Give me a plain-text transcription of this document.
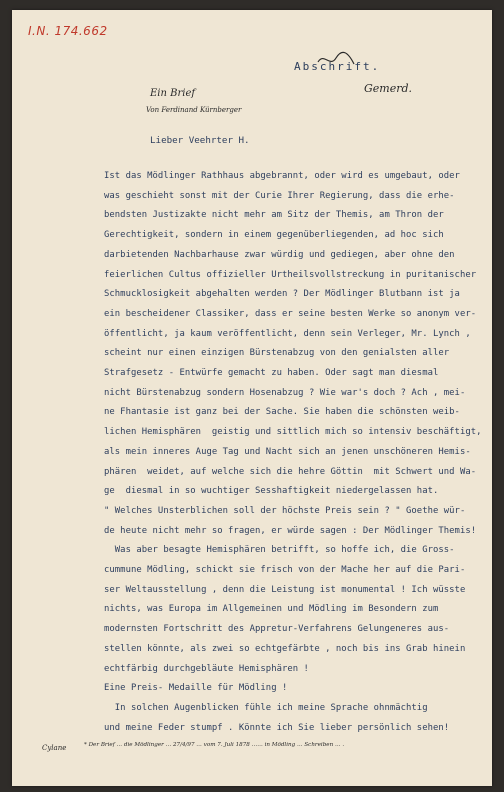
I.N. 174.662
Abschrift.
Gemerd.
Ein Brief
Von Ferdinand Kürnberger
Lieber Veehrter H.
Ist das Mödlinger Rathhaus abgebrannt, oder wird es umgebaut, oder
was geschieht sonst mit der Curie Ihrer Regierung, dass die erhe-
bendsten Justizakte nicht mehr am Sitz der Themis, am Thron der
Gerechtigkeit, sondern in einem gegenüberliegenden, ad hoc sich
darbietenden Nachbarhause zwar würdig und gediegen, aber ohne den
feierlichen Cultus offizieller Urtheilsvollstreckung in puritanischer
Schmucklosigkeit abgehalten werden ? Der Mödlinger Blutbann ist ja
ein bescheidener Classiker, dass er seine besten Werke so anonym ver-
öffentlicht, ja kaum veröffentlicht, denn sein Verleger, Mr. Lynch ,
scheint nur einen einzigen Bürstenabzug von den genialsten aller
Strafgesetz - Entwürfe gemacht zu haben. Oder sagt man diesmal
nicht Bürstenabzug sondern Hosenabzug ? Wie war's doch ? Ach , mei-
ne Fhantasie ist ganz bei der Sache. Sie haben die schönsten weib-
lichen Hemisphären  geistig und sittlich mich so intensiv beschäftigt,
als mein inneres Auge Tag und Nacht sich an jenen unschöneren Hemis-
phären  weidet, auf welche sich die hehre Göttin  mit Schwert und Wa-
ge  diesmal in so wuchtiger Sesshaftigkeit niedergelassen hat.
" Welches Unsterblichen soll der höchste Preis sein ? " Goethe wür-
de heute nicht mehr so fragen, er würde sagen : Der Mödlinger Themis!
Was aber besagte Hemisphären betrifft, so hoffe ich, die Gross-
cummune Mödling, schickt sie frisch von der Mache her auf die Pari-
ser Weltausstellung , denn die Leistung ist monumental ! Ich wüsste
nichts, was Europa im Allgemeinen und Mödling im Besondern zum
modernsten Fortschritt des Appretur-Verfahrens Gelungeneres aus-
stellen könnte, als zwei so echtgefärbte , noch bis ins Grab hinein
echtfärbig durchgebläute Hemisphären !
Eine Preis- Medaille für Mödling !
In solchen Augenblicken fühle ich meine Sprache ohnmächtig
und meine Feder stumpf . Könnte ich Sie lieber persönlich sehen!
Cylane	* Der Brief … die Mödlinger … 27/4/97 … vom 7. Juli 1878 …… in Mödling … Schreiben … .
